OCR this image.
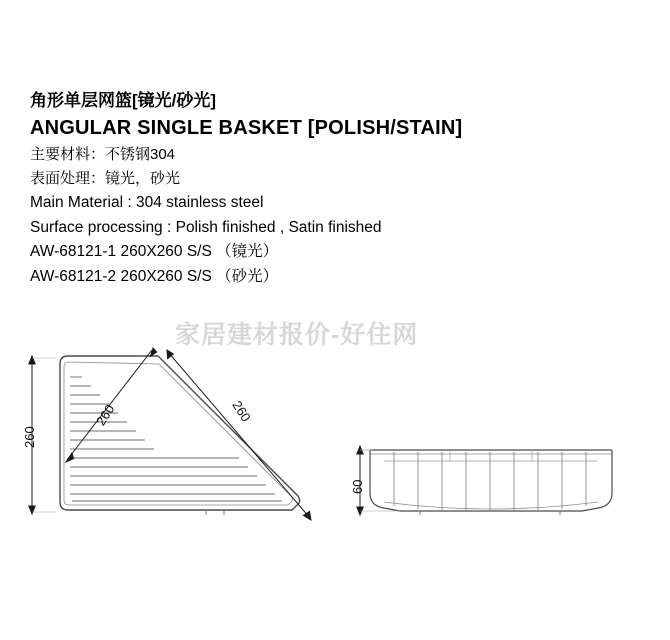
角形单层网篮[镜光/砂光]
ANGULAR SINGLE BASKET [POLISH/STAIN]
主要材料：不锈钢304
表面处理：镜光，砂光
Main Material : 304 stainless steel
Surface processing : Polish finished , Satin finished
AW-68121-1 260X260 S/S （镜光）
AW-68121-2 260X260 S/S （砂光）
家居建材报价-好住网
260
260	260
60
